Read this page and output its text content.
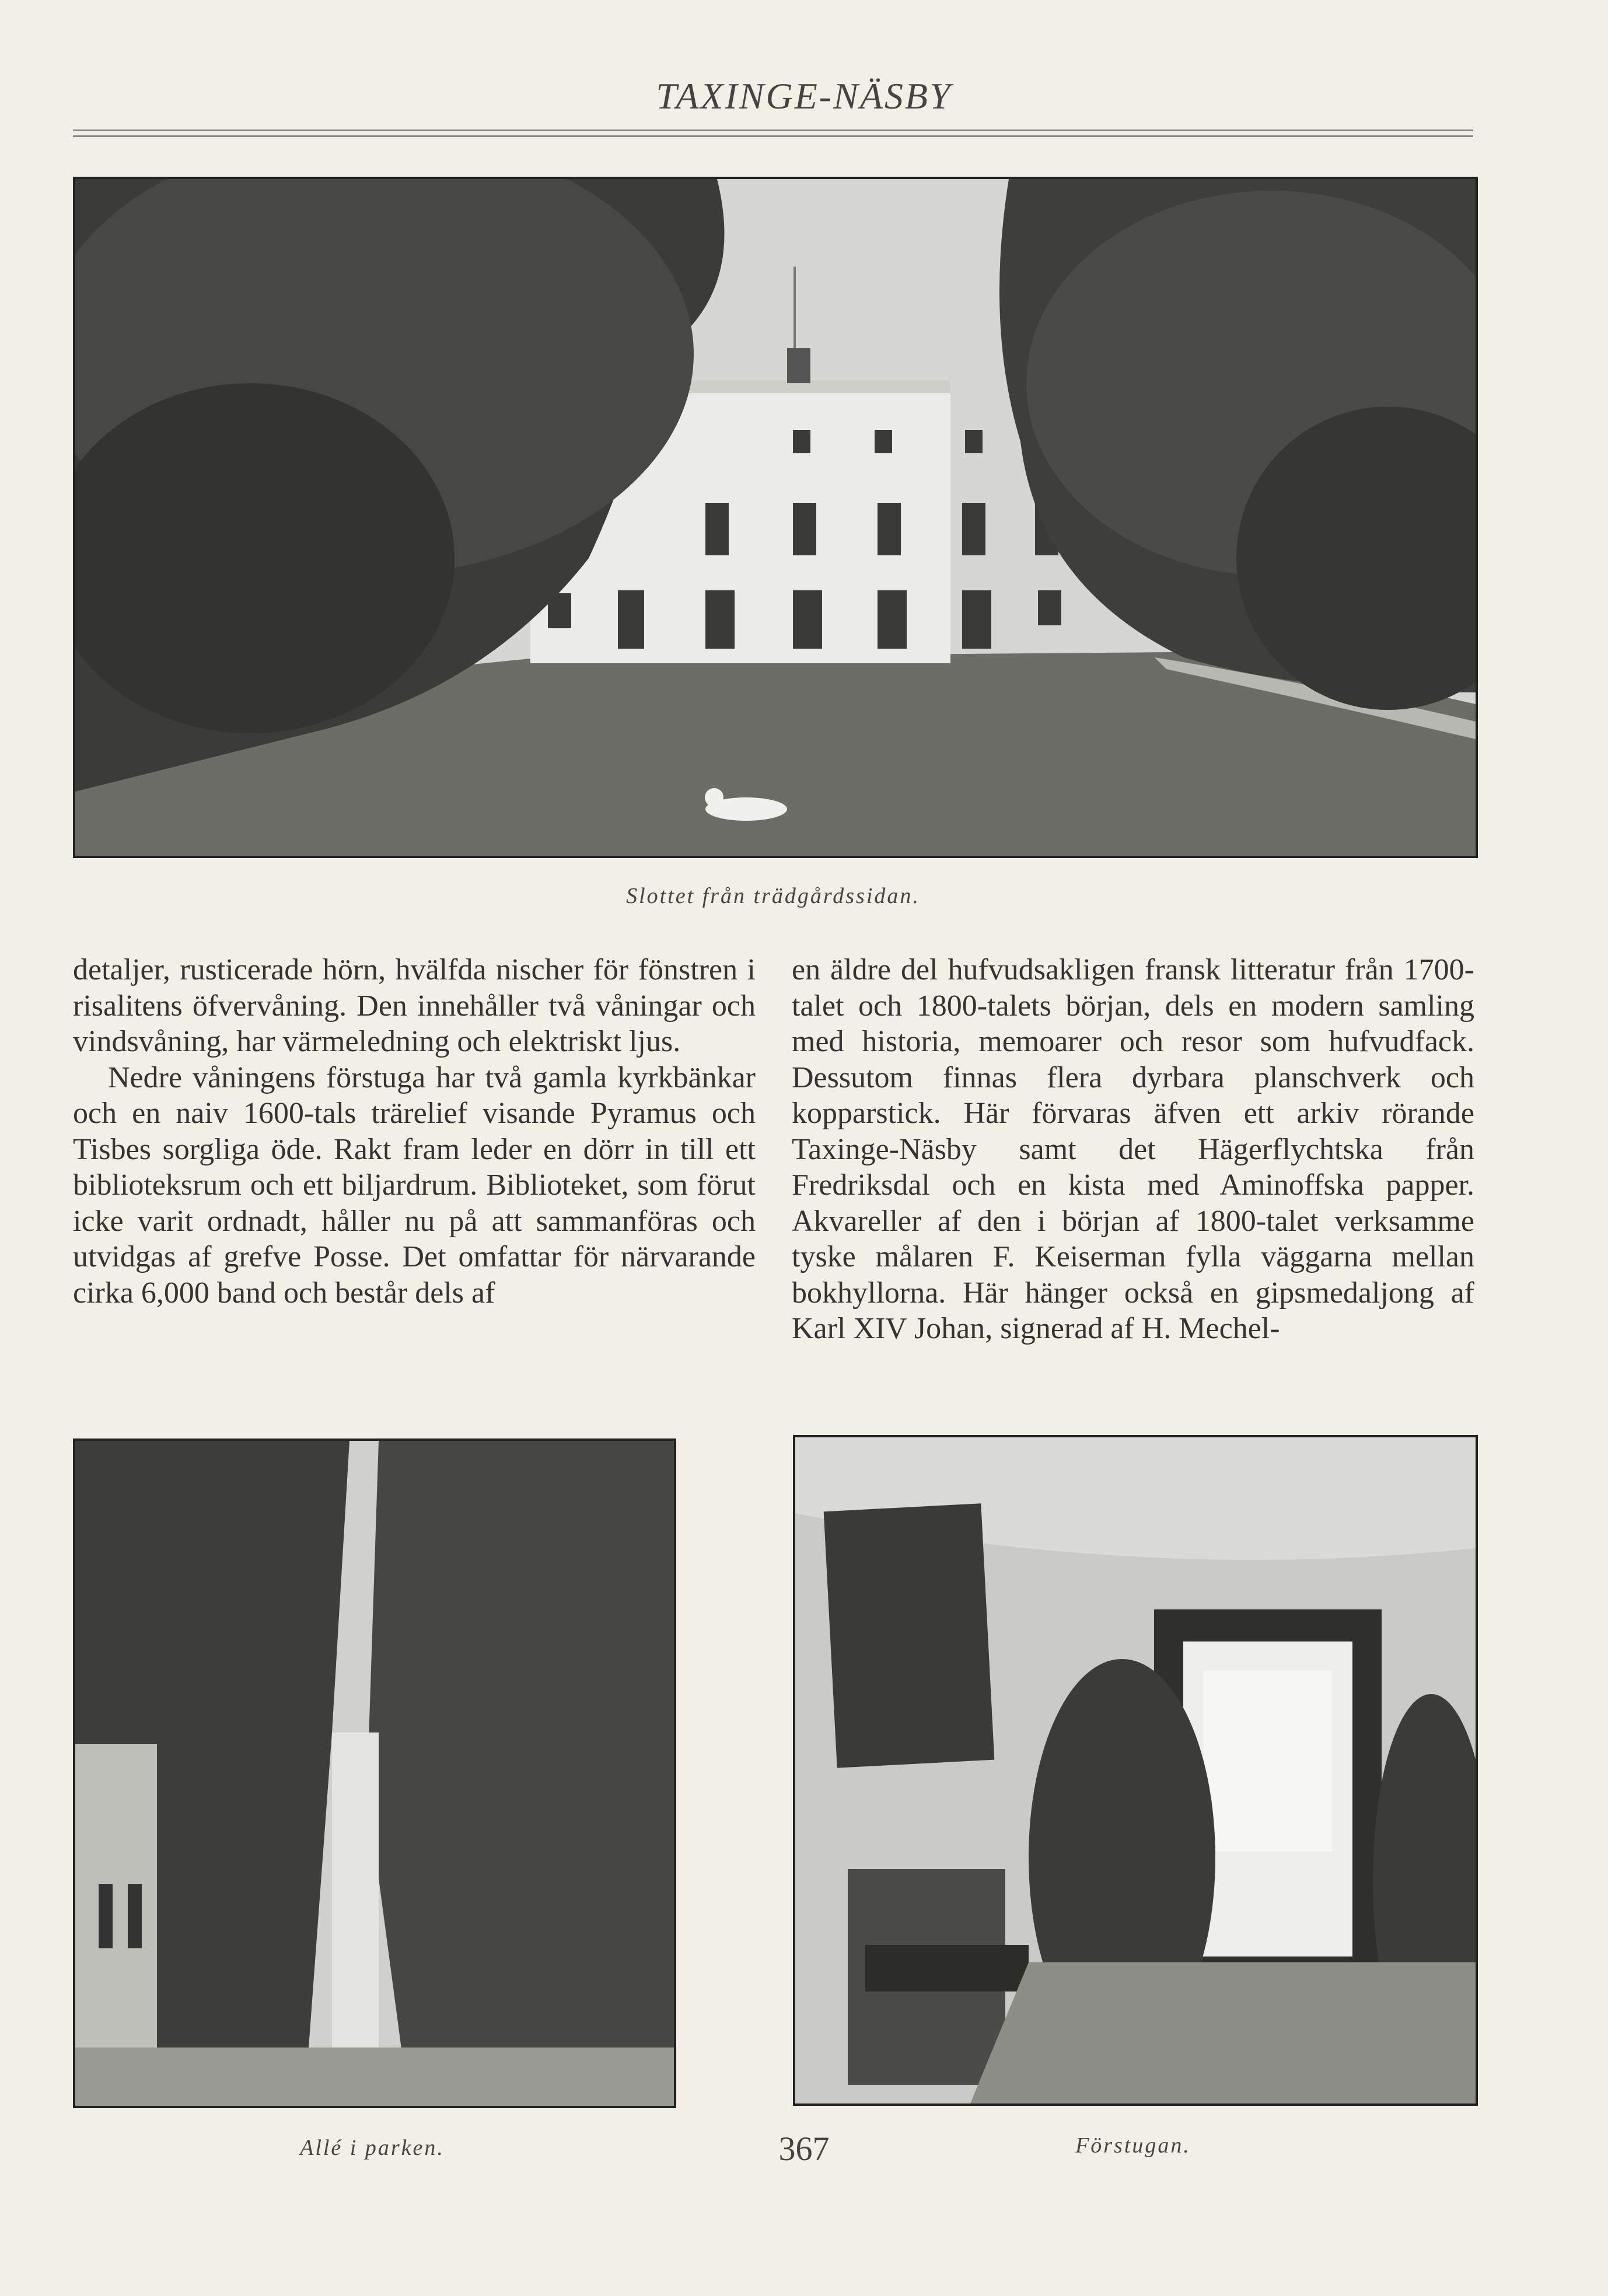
TAXINGE-NÄSBY
Slottet från trädgårdssidan.

detaljer, rusticerade hörn, hvälfda nischer för fönstren i risalitens öfvervåning. Den innehåller två våningar och vindsvåning, har värmeledning och elektriskt ljus.

Nedre våningens förstuga har två gamla kyrkbänkar och en naiv 1600-tals trärelief visande Pyramus och Tisbes sorgliga öde. Rakt fram leder en dörr in till ett biblioteksrum och ett biljardrum. Biblioteket, som förut icke varit ordnadt, håller nu på att sammanföras och utvidgas af grefve Posse. Det omfattar för närvarande cirka 6,000 band och består dels af

en äldre del hufvudsakligen fransk litteratur från 1700-talet och 1800-talets början, dels en modern samling med historia, memoarer och resor som hufvudfack. Dessutom finnas flera dyrbara planschverk och kopparstick. Här förvaras äfven ett arkiv rörande Taxinge-Näsby samt det Hägerflychtska från Fredriksdal och en kista med Aminoffska papper. Akvareller af den i början af 1800-talet verksamme tyske målaren F. Keiserman fylla väggarna mellan bokhyllorna. Här hänger också en gipsmedaljong af Karl XIV Johan, signerad af H. Mechel-

Allé i parken.	Förstugan.
367
